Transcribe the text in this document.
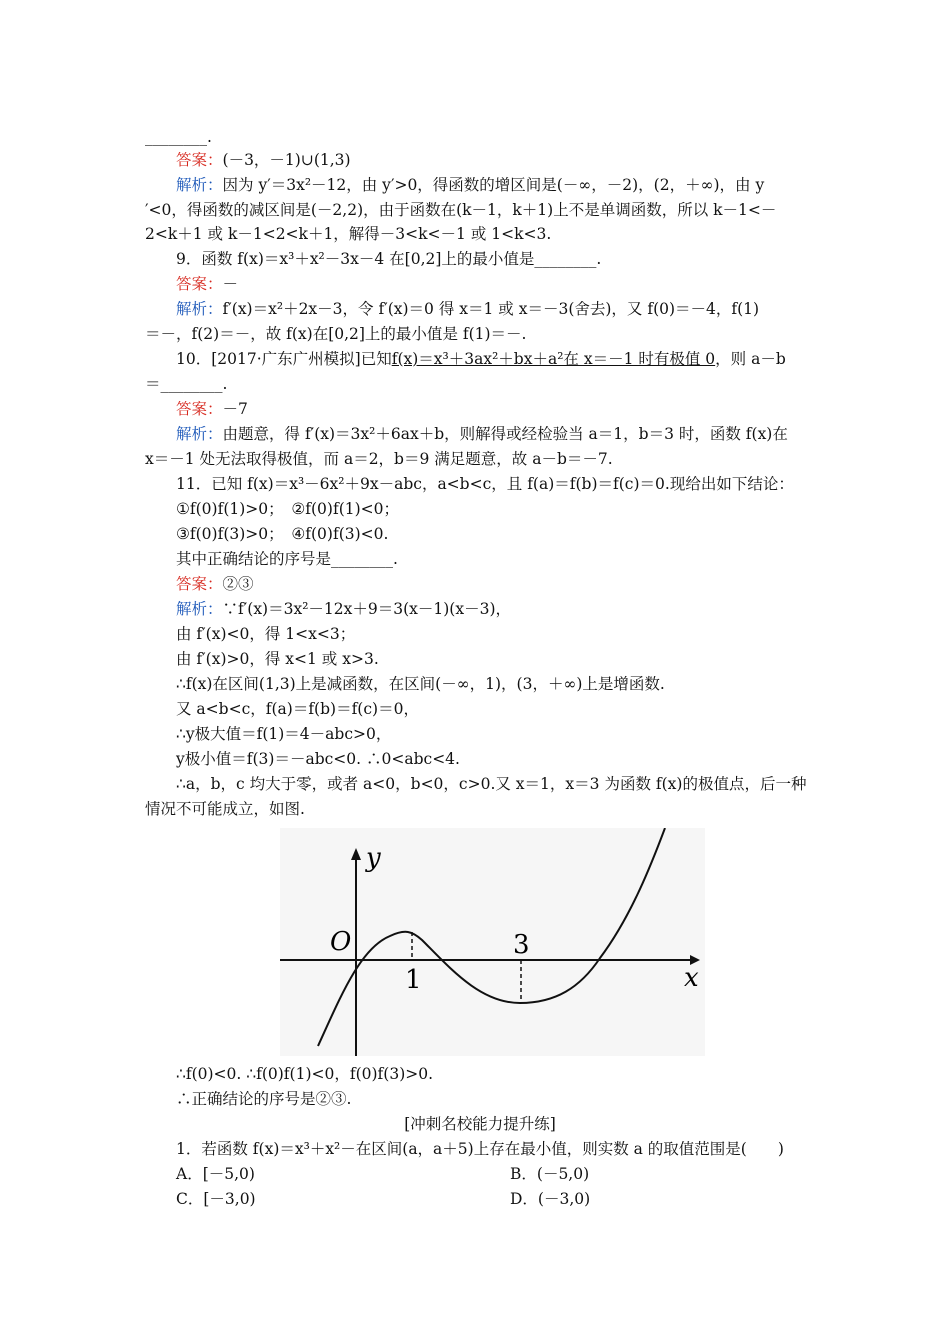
________.
答案：(－3，－1)∪(1,3)
解析：因为 y′＝3x²－12，由 y′>0，得函数的增区间是(－∞，－2)，(2，＋∞)，由 y
′<0，得函数的减区间是(－2,2)，由于函数在(k－1，k＋1)上不是单调函数，所以 k－1<－
2<k＋1 或 k－1<2<k＋1，解得－3<k<－1 或 1<k<3.
9．函数 f(x)＝x³＋x²－3x－4 在[0,2]上的最小值是________.
答案：－
解析：f′(x)＝x²＋2x－3，令 f′(x)＝0 得 x＝1 或 x＝－3(舍去)，又 f(0)＝－4，f(1)
＝－，f(2)＝－，故 f(x)在[0,2]上的最小值是 f(1)＝－.
10．[2017·广东广州模拟]已知f(x)＝x³＋3ax²＋bx＋a²在 x＝－1 时有极值 0，则 a－b
＝________.
答案：－7
解析：由题意，得 f′(x)＝3x²＋6ax＋b，则解得或经检验当 a＝1，b＝3 时，函数 f(x)在
x＝－1 处无法取得极值，而 a＝2，b＝9 满足题意，故 a－b＝－7.
11．已知 f(x)＝x³－6x²＋9x－abc，a<b<c，且 f(a)＝f(b)＝f(c)＝0.现给出如下结论：
①f(0)f(1)>0；　②f(0)f(1)<0；
③f(0)f(3)>0；　④f(0)f(3)<0.
其中正确结论的序号是________.
答案：②③
解析：∵f′(x)＝3x²－12x＋9＝3(x－1)(x－3)，
由 f′(x)<0，得 1<x<3；
由 f′(x)>0，得 x<1 或 x>3.
∴f(x)在区间(1,3)上是减函数，在区间(－∞，1)，(3，＋∞)上是增函数.
又 a<b<c，f(a)＝f(b)＝f(c)＝0，
∴y极大值＝f(1)＝4－abc>0，
y极小值＝f(3)＝－abc<0. ∴0<abc<4.
∴a，b，c 均大于零，或者 a<0，b<0，c>0.又 x＝1，x＝3 为函数 f(x)的极值点，后一种
情况不可能成立，如图.
O
y
x
1
3
∴f(0)<0. ∴f(0)f(1)<0，f(0)f(3)>0.
∴正确结论的序号是②③.
[冲刺名校能力提升练]
1．若函数 f(x)＝x³＋x²－在区间(a，a＋5)上存在最小值，则实数 a 的取值范围是(　　)
A．[－5,0)	B．(－5,0)
C．[－3,0)	D．(－3,0)
